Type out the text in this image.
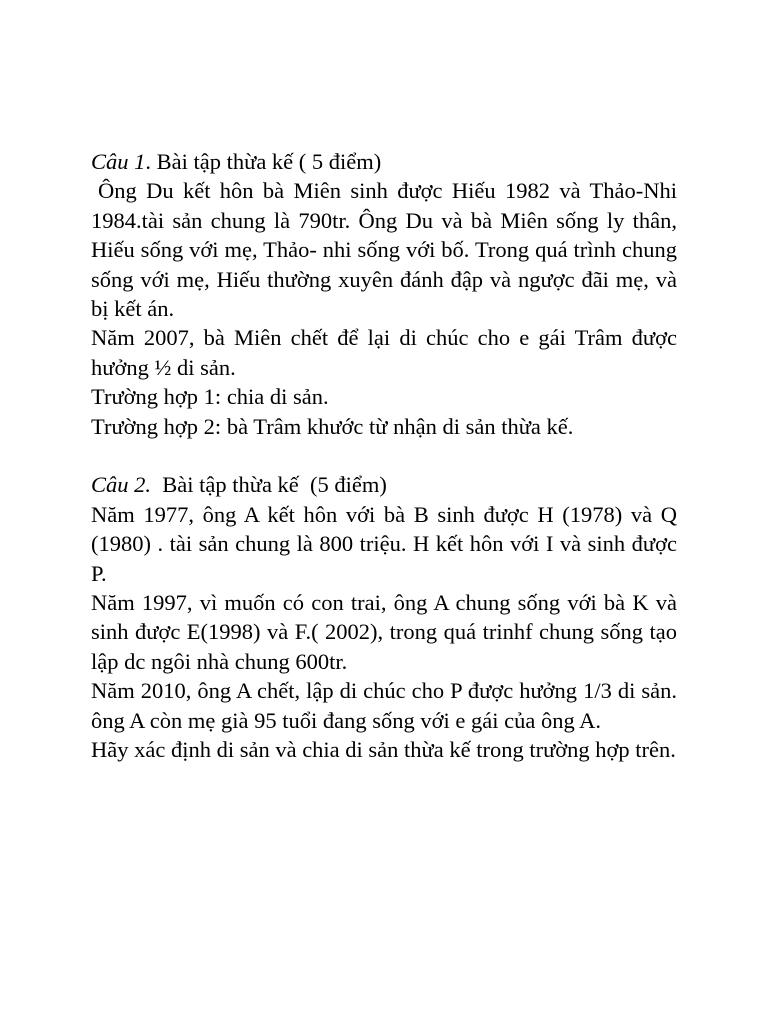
Câu 1. Bài tập thừa kế ( 5 điểm)

Ông Du kết hôn bà Miên sinh được Hiếu 1982 và Thảo-Nhi 1984.tài sản chung là 790tr. Ông Du và bà Miên sống ly thân, Hiếu sống với mẹ, Thảo- nhi sống với bố. Trong quá trình chung sống với mẹ, Hiếu thường xuyên đánh đập và ngược đãi mẹ, và bị kết án.

Năm 2007, bà Miên chết để lại di chúc cho e gái Trâm được hưởng ½ di sản.

Trường hợp 1: chia di sản.

Trường hợp 2: bà Trâm khước từ nhận di sản thừa kế.

Câu 2.  Bài tập thừa kế  (5 điểm)

Năm 1977, ông A kết hôn với bà B sinh được H (1978) và Q (1980) . tài sản chung là 800 triệu. H kết hôn với I và sinh được P.

Năm 1997, vì muốn có con trai, ông A chung sống với bà K và sinh được E(1998) và F.( 2002), trong quá trinhf chung sống tạo lập dc ngôi nhà chung 600tr.

Năm 2010, ông A chết, lập di chúc cho P được hưởng 1/3 di sản. ông A còn mẹ già 95 tuổi đang sống với e gái của ông A.

Hãy xác định di sản và chia di sản thừa kế trong trường hợp trên.
